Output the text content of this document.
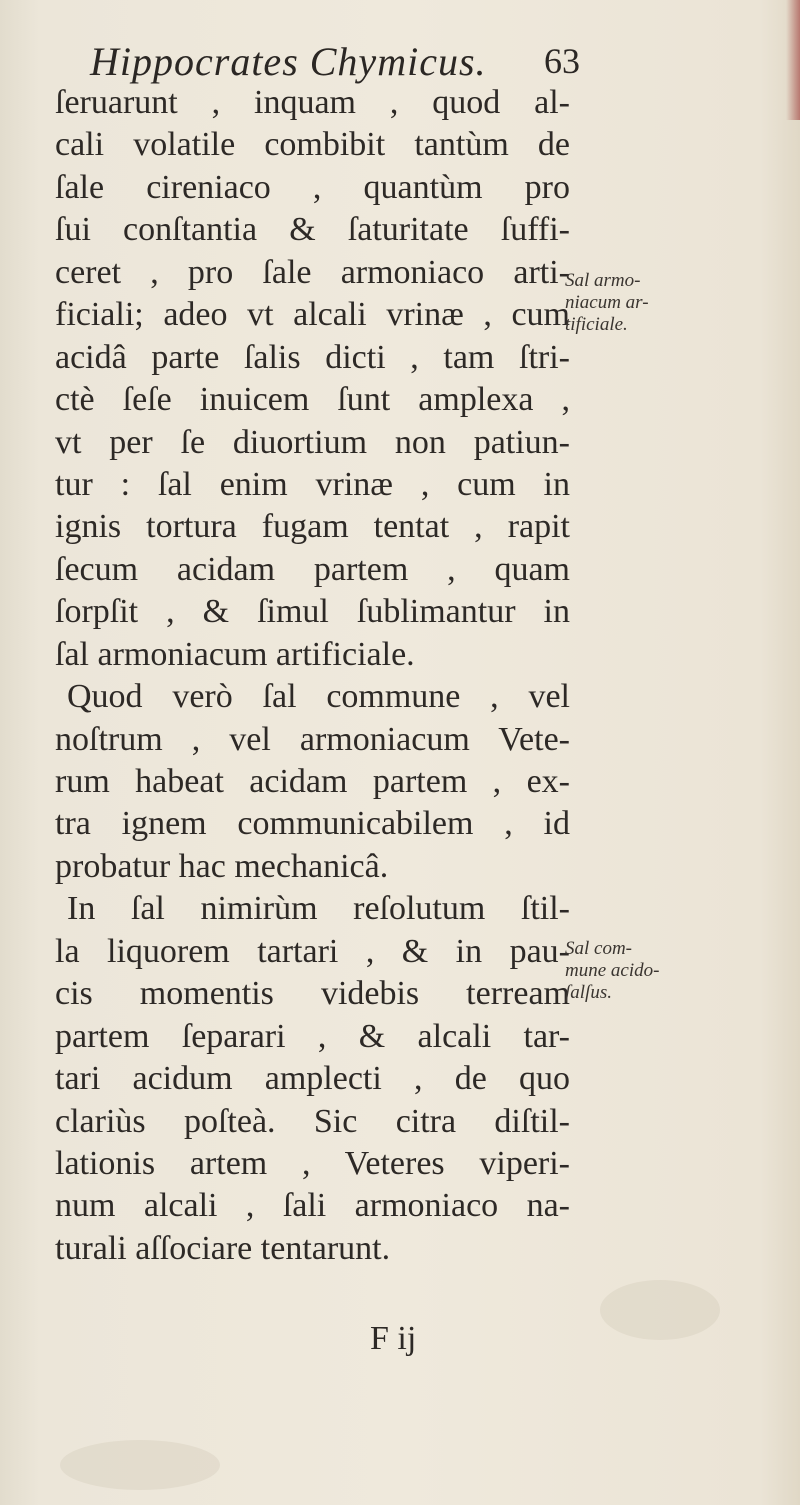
Hippocrates Chymicus. 63
ſeruarunt , inquam , quod al-
cali volatile combibit tantùm de
ſale cireniaco , quantùm pro
ſui conſtantia & ſaturitate ſuffi-
ceret , pro ſale armoniaco arti-
ficiali; adeo vt alcali vrinæ , cum
acidâ parte ſalis dicti , tam ſtri-
ctè ſeſe inuicem ſunt amplexa ,
vt per ſe diuortium non patiun-
tur : ſal enim vrinæ , cum in
ignis tortura fugam tentat , rapit
ſecum acidam partem , quam
ſorpſit , & ſimul ſublimantur in
ſal armoniacum artificiale.
Quod verò ſal commune , vel
noſtrum , vel armoniacum Vete-
rum habeat acidam partem , ex-
tra ignem communicabilem , id
probatur hac mechanicâ.
In ſal nimirùm reſolutum ſtil-
la liquorem tartari , & in pau-
cis momentis videbis terream
partem ſeparari , & alcali tar-
tari acidum amplecti , de quo
clariùs poſteà. Sic citra diſtil-
lationis artem , Veteres viperi-
num alcali , ſali armoniaco na-
turali aſſociare tentarunt.
F ij
Sal armo-
niacum ar-
tificiale.
Sal com-
mune acido-
ſalſus.
